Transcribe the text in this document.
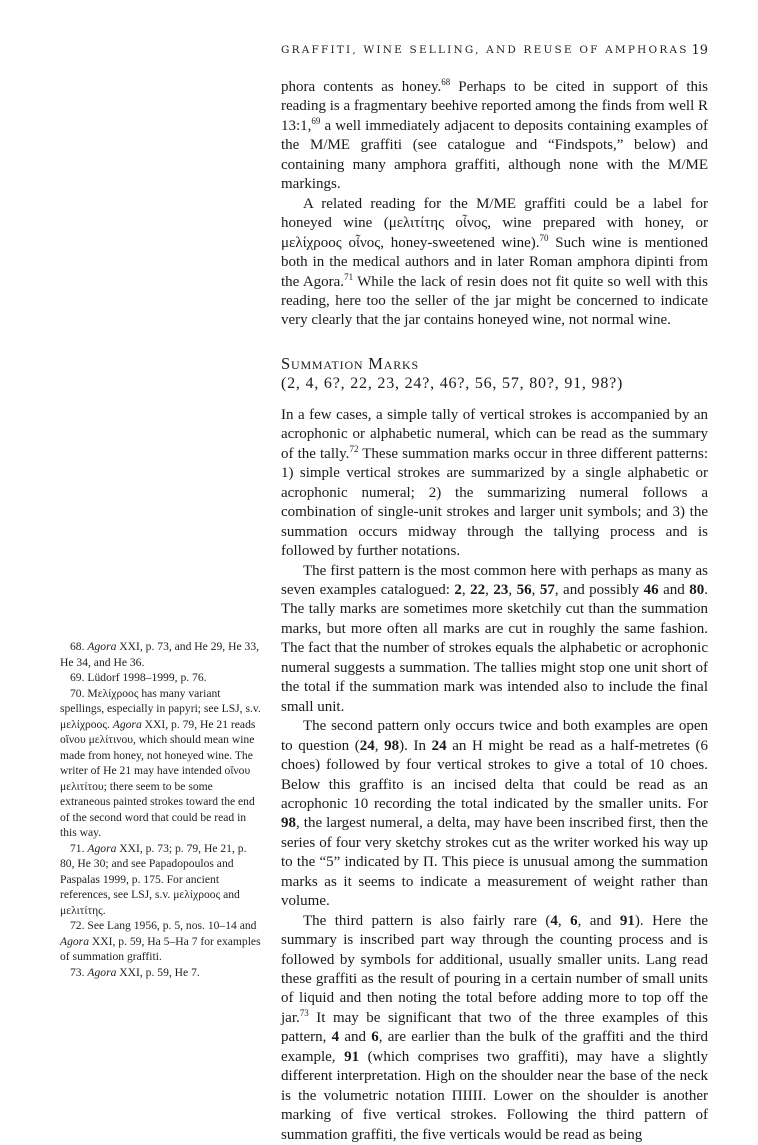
GRAFFITI, WINE SELLING, AND REUSE OF AMPHORAS 19

phora contents as honey.$^{68}$ Perhaps to be cited in support of this reading is a fragmentary beehive reported among the finds from well R 13:1,69 a well immediately adjacent to deposits containing examples of the M/ME graffiti (see catalogue and “Findspots,” below) and containing many amphora graffiti, although none with the M/ME markings.

A related reading for the M/ME graffiti could be a label for honeyed wine (μελιτίτης οἶνος, wine prepared with honey, or μελίχροος οἶνος, honey-sweetened wine).$^{70}$ Such wine is mentioned both in the medical authors and in later Roman amphora dipinti from the Agora.$^{71}$ While the lack of resin does not fit quite so well with this reading, here too the seller of the jar might be concerned to indicate very clearly that the jar contains honeyed wine, not normal wine.

Summation Marks
(2, 4, 6?, 22, 23, 24?, 46?, 56, 57, 80?, 91, 98?)

In a few cases, a simple tally of vertical strokes is accompanied by an acrophonic or alphabetic numeral, which can be read as the summary of the tally.$^{72}$ These summation marks occur in three different patterns: 1) simple vertical strokes are summarized by a single alphabetic or acrophonic numeral; 2) the summarizing numeral follows a combination of single-unit strokes and larger unit symbols; and 3) the summation occurs midway through the tallying process and is followed by further notations.

The first pattern is the most common here with perhaps as many as seven examples catalogued: 2, 22, 23, 56, 57, and possibly 46 and 80. The tally marks are sometimes more sketchily cut than the summation marks, but more often all marks are cut in roughly the same fashion. The fact that the number of strokes equals the alphabetic or acrophonic numeral suggests a summation. The tallies might stop one unit short of the total if the summation mark was intended also to include the final small unit.

The second pattern only occurs twice and both examples are open to question (24, 98). In 24 an H might be read as a half-metretes (6 choes) followed by four vertical strokes to give a total of 10 choes. Below this graffito is an incised delta that could be read as an acrophonic 10 recording the total indicated by the smaller units. For 98, the largest numeral, a delta, may have been inscribed first, then the series of four very sketchy strokes cut as the writer worked his way up to the “5” indicated by Π. This piece is unusual among the summation marks as it seems to indicate a measurement of weight rather than volume.

The third pattern is also fairly rare (4, 6, and 91). Here the summary is inscribed part way through the counting process and is followed by symbols for additional, usually smaller units. Lang read these graffiti as the result of pouring in a certain number of small units of liquid and then noting the total before adding more to top off the jar.$^{73}$ It may be significant that two of the three examples of this pattern, 4 and 6, are earlier than the bulk of the graffiti and the third example, 91 (which comprises two graffiti), may have a slightly different interpretation. High on the shoulder near the base of the neck is the volumetric notation ΠIIII. Lower on the shoulder is another marking of five vertical strokes. Following the third pattern of summation graffiti, the five verticals would be read as being

68. Agora XXI, p. 73, and He 29, He 33, He 34, and He 36.

69. Lüdorf 1998–1999, p. 76.

70. Μελίχροος has many variant spellings, especially in papyri; see LSJ, s.v. μελίχροος. Agora XXI, p. 79, He 21 reads οἴνου μελίτινου, which should mean wine made from honey, not honeyed wine. The writer of He 21 may have intended οἴνου μελιτίτου; there seem to be some extraneous painted strokes toward the end of the second word that could be read in this way.

71. Agora XXI, p. 73; p. 79, He 21, p. 80, He 30; and see Papadopoulos and Paspalas 1999, p. 175. For ancient references, see LSJ, s.v. μελίχροος and μελιτίτης.

72. See Lang 1956, p. 5, nos. 10–14 and Agora XXI, p. 59, Ha 5–Ha 7 for examples of summation graffiti.

73. Agora XXI, p. 59, He 7.
